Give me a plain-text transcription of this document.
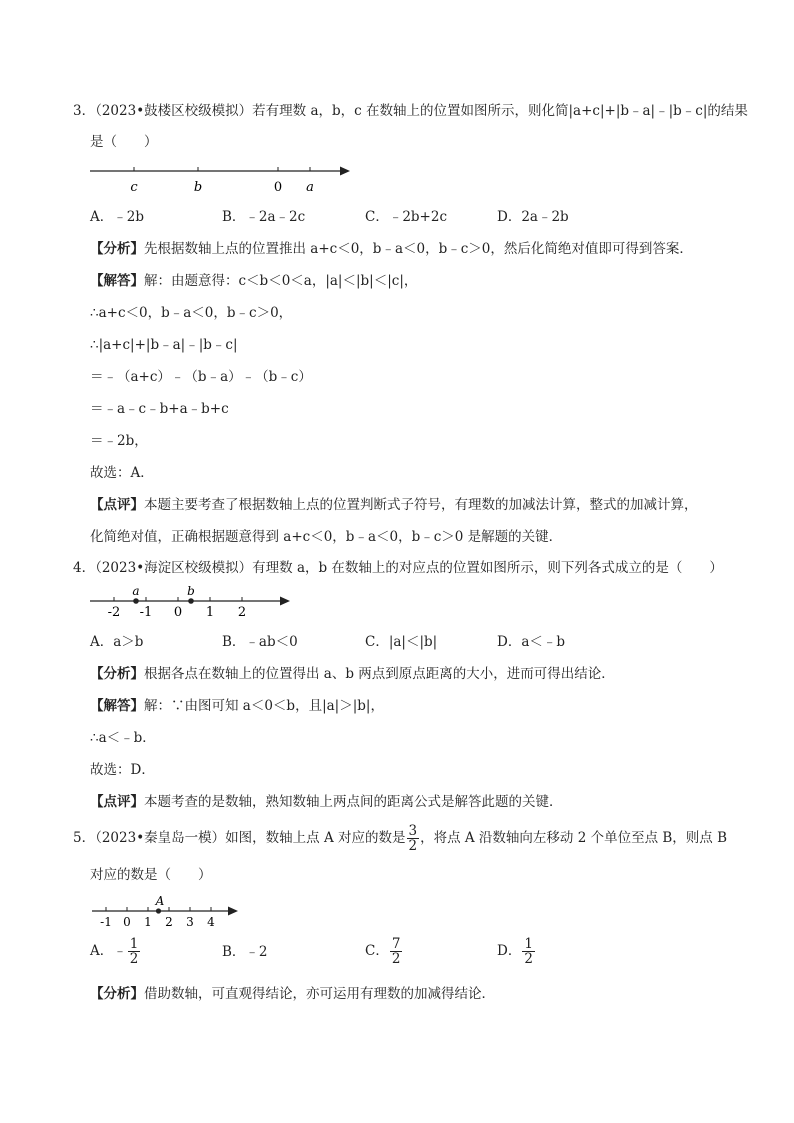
3．（2023•鼓楼区校级模拟）若有理数 a，b，c 在数轴上的位置如图所示，则化简|a+c|+|b﹣a|﹣|b﹣c|的结果
是（　　）
c	b	0 a
A．﹣2b	B．﹣2a﹣2c	C．﹣2b+2c	D．2a﹣2b
【分析】先根据数轴上点的位置推出 a+c＜0，b﹣a＜0，b﹣c＞0，然后化简绝对值即可得到答案．
【解答】解：由题意得：c＜b＜0＜a，|a|＜|b|＜|c|，
∴a+c＜0，b﹣a＜0，b﹣c＞0，
∴|a+c|+|b﹣a|﹣|b﹣c|
＝﹣（a+c）﹣（b﹣a）﹣（b﹣c）
＝﹣a﹣c﹣b+a﹣b+c
＝﹣2b，
故选：A．
【点评】本题主要考查了根据数轴上点的位置判断式子符号，有理数的加减法计算，整式的加减计算，
化简绝对值，正确根据题意得到 a+c＜0，b﹣a＜0，b﹣c＞0 是解题的关键．
4．（2023•海淀区校级模拟）有理数 a，b 在数轴上的对应点的位置如图所示，则下列各式成立的是（　　）
a	b
-2 -1 0 1 2
A．a＞b	B．﹣ab＜0	C．|a|＜|b|	D．a＜﹣b
【分析】根据各点在数轴上的位置得出 a、b 两点到原点距离的大小，进而可得出结论．
【解答】解：∵由图可知 a＜0＜b，且|a|＞|b|，
∴a＜﹣b．
故选：D．
【点评】本题考查的是数轴，熟知数轴上两点间的距离公式是解答此题的关键．
5．（2023•秦皇岛一模）如图，数轴上点 A 对应的数是 $\frac{3}{2}$ ，将点 A 沿数轴向左移动 2 个单位至点 B，则点 B
对应的数是（　　）
A
-1 0 1 2 3 4
A．﹣ $\frac{1}{2}$	B．﹣2	C． $\frac{7}{2}$	D． $\frac{1}{2}$
【分析】借助数轴，可直观得结论，亦可运用有理数的加减得结论．
